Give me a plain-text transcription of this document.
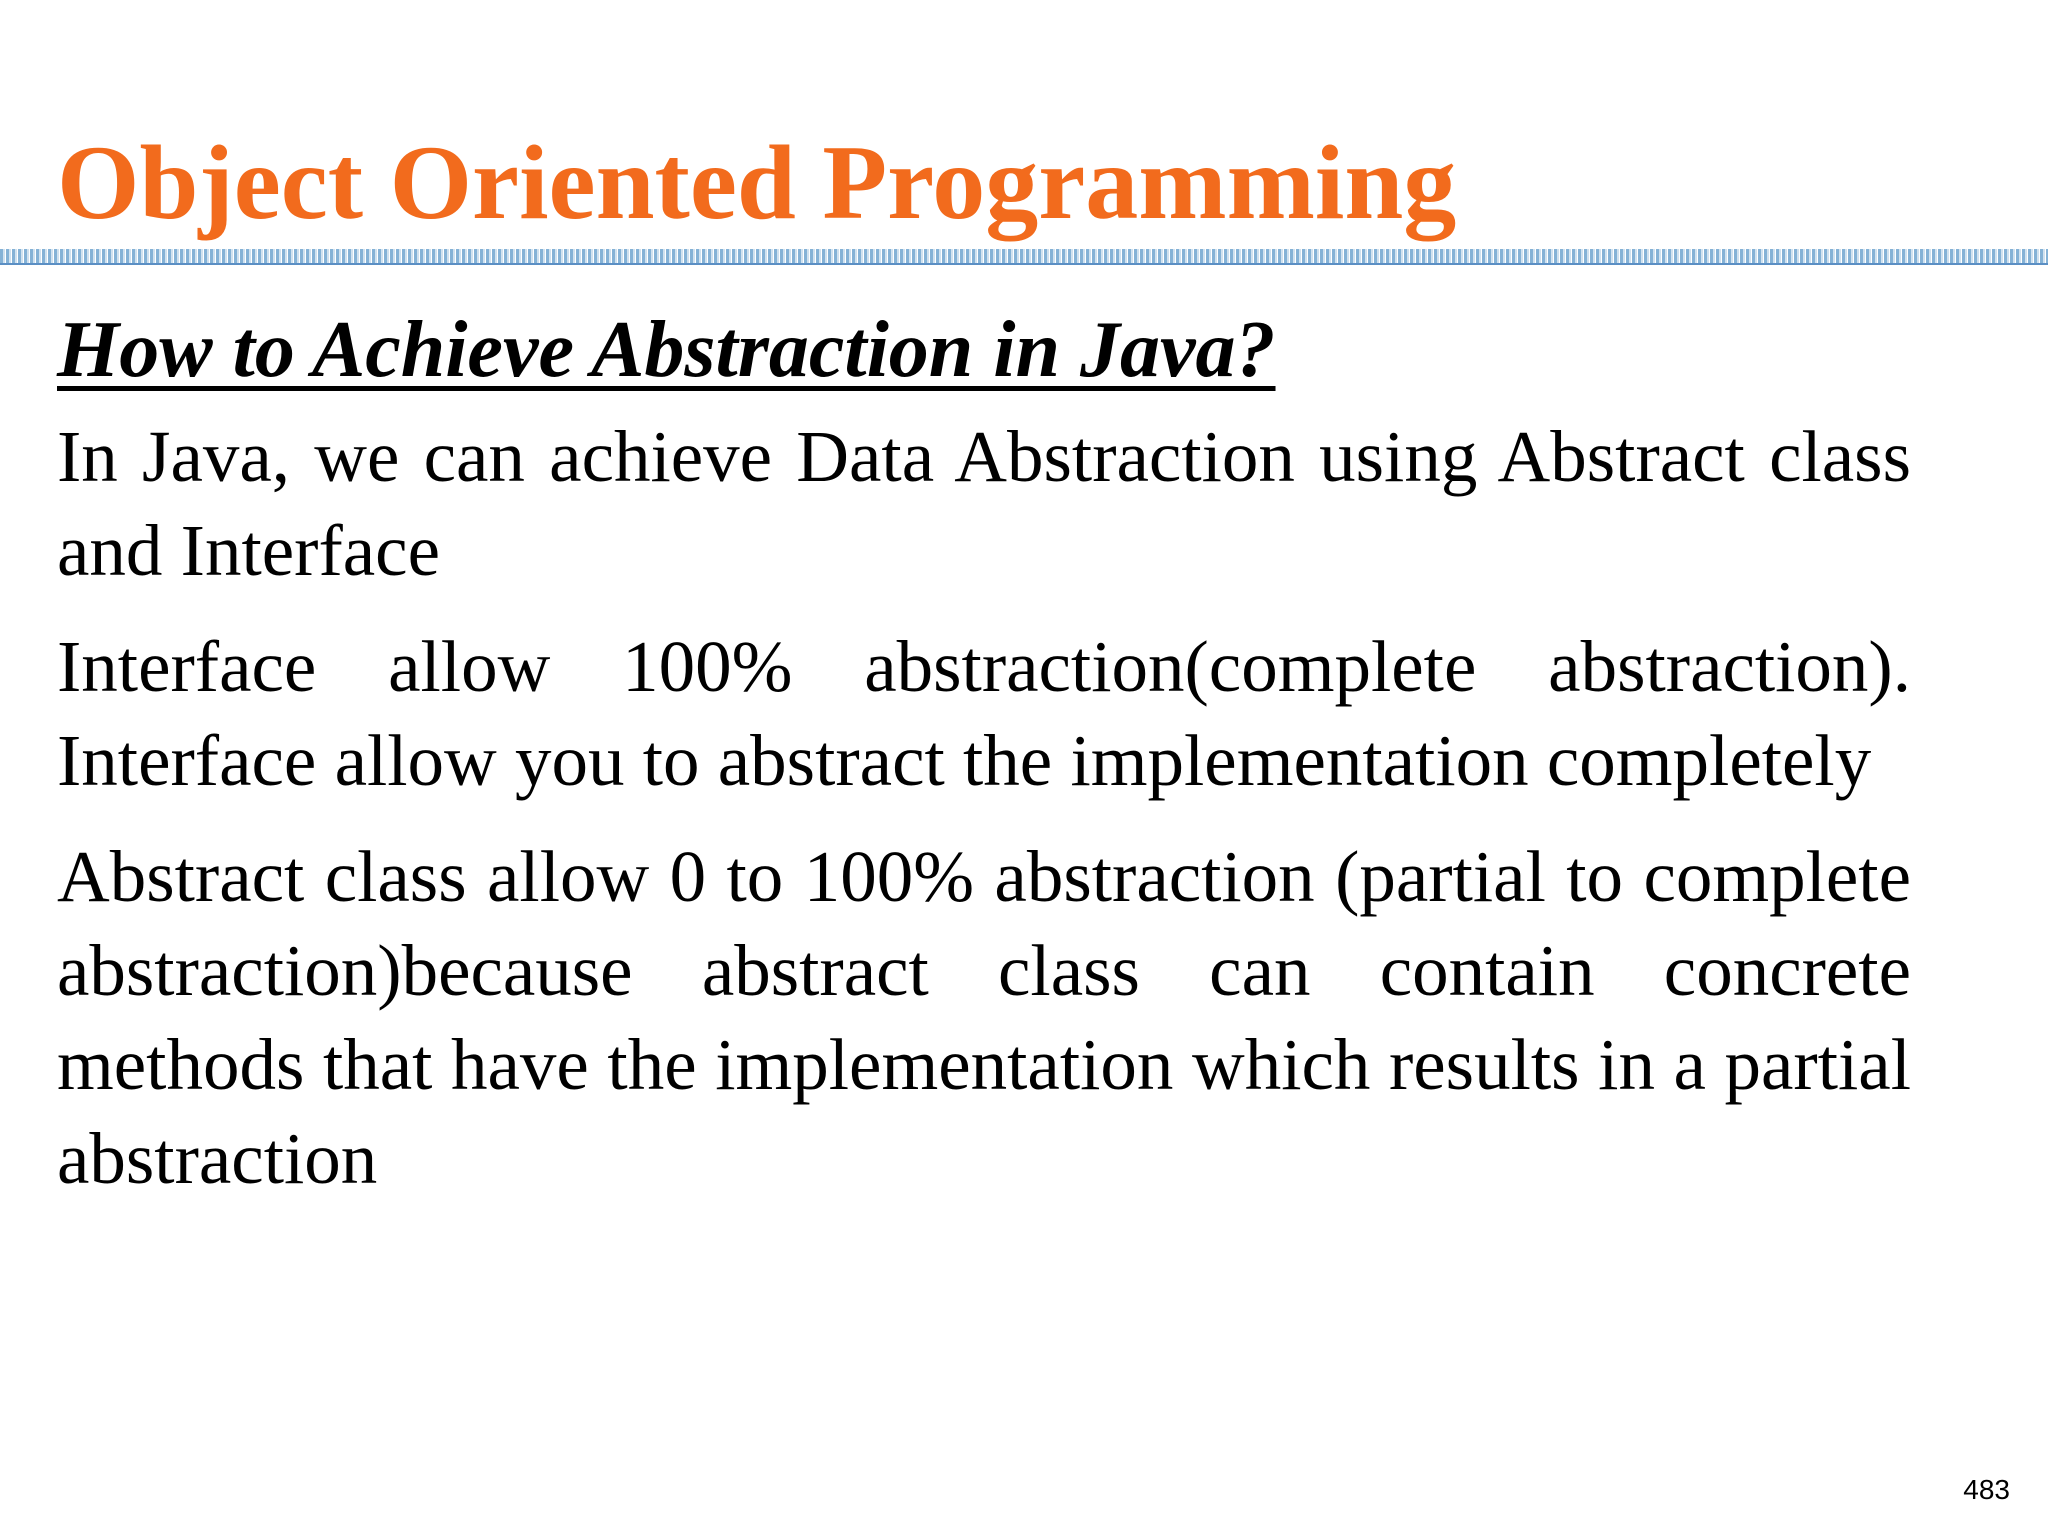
Object Oriented Programming
How to Achieve Abstraction in Java?

In Java, we can achieve Data Abstraction using Abstract class and Interface

Interface allow 100% abstraction(complete abstraction). Interface allow you to abstract the implementation completely

Abstract class allow 0 to 100% abstraction (partial to complete abstraction)because abstract class can contain concrete methods that have the implementation which results in a partial abstraction

483
